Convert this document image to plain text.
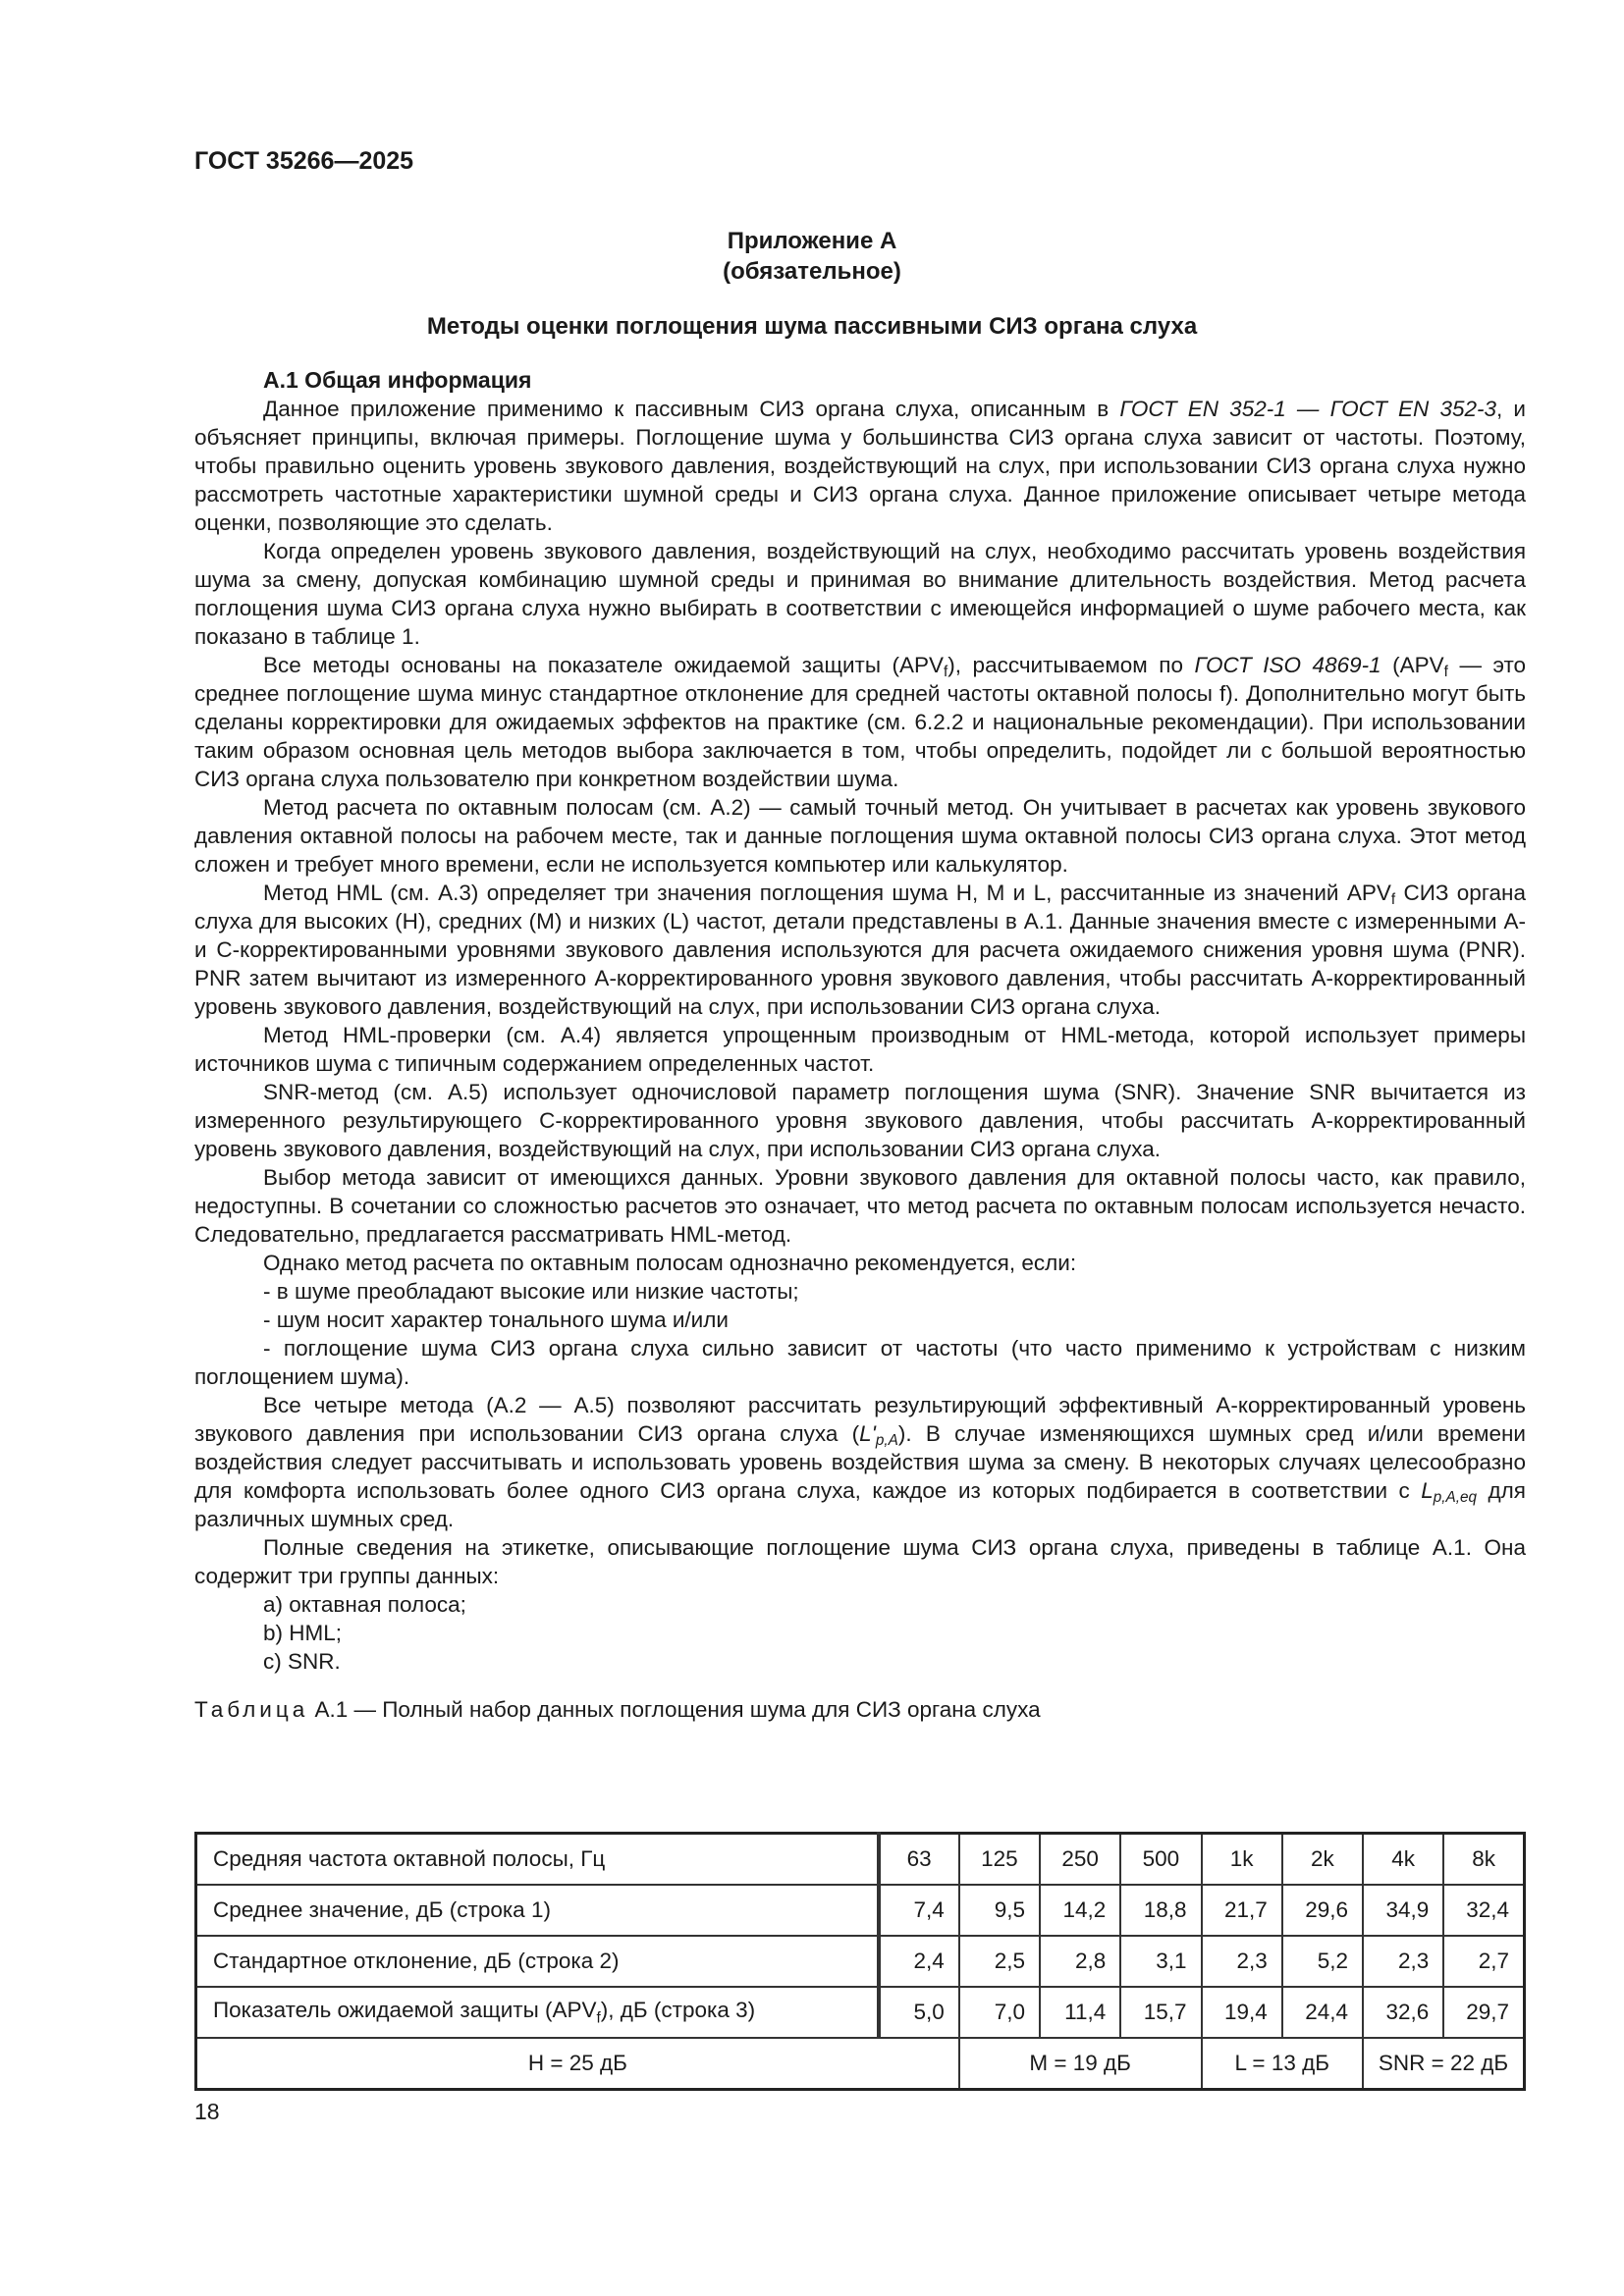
ГОСТ 35266—2025

Приложение А

(обязательное)

Методы оценки поглощения шума пассивными СИЗ органа слуха

А.1 Общая информация

Данное приложение применимо к пассивным СИЗ органа слуха, описанным в ГОСТ EN 352-1 — ГОСТ EN 352-3, и объясняет принципы, включая примеры. Поглощение шума у большинства СИЗ органа слуха зависит от частоты. Поэтому, чтобы правильно оценить уровень звукового давления, воздействующий на слух, при использовании СИЗ органа слуха нужно рассмотреть частотные характеристики шумной среды и СИЗ органа слуха. Данное приложение описывает четыре метода оценки, позволяющие это сделать.

Когда определен уровень звукового давления, воздействующий на слух, необходимо рассчитать уровень воздействия шума за смену, допуская комбинацию шумной среды и принимая во внимание длительность воздействия. Метод расчета поглощения шума СИЗ органа слуха нужно выбирать в соответствии с имеющейся информацией о шуме рабочего места, как показано в таблице 1.

Все методы основаны на показателе ожидаемой защиты $(APV_f)$, рассчитываемом по ГОСТ ISO 4869-1 ($APV_f$ — это среднее поглощение шума минус стандартное отклонение для средней частоты октавной полосы f). Дополнительно могут быть сделаны корректировки для ожидаемых эффектов на практике (см. 6.2.2 и национальные рекомендации). При использовании таким образом основная цель методов выбора заключается в том, чтобы определить, подойдет ли с большой вероятностью СИЗ органа слуха пользователю при конкретном воздействии шума.

Метод расчета по октавным полосам (см. А.2) — самый точный метод. Он учитывает в расчетах как уровень звукового давления октавной полосы на рабочем месте, так и данные поглощения шума октавной полосы СИЗ органа слуха. Этот метод сложен и требует много времени, если не используется компьютер или калькулятор.

Метод HML (см. А.3) определяет три значения поглощения шума H, M и L, рассчитанные из значений $APV_f$ СИЗ органа слуха для высоких (H), средних (M) и низких (L) частот, детали представлены в А.1. Данные значения вместе с измеренными А- и С-корректированными уровнями звукового давления используются для расчета ожидаемого снижения уровня шума (PNR). PNR затем вычитают из измеренного А-корректированного уровня звукового давления, чтобы рассчитать А-корректированный уровень звукового давления, воздействующий на слух, при использовании СИЗ органа слуха.

Метод HML-проверки (см. А.4) является упрощенным производным от HML-метода, которой использует примеры источников шума с типичным содержанием определенных частот.

SNR-метод (см. А.5) использует одночисловой параметр поглощения шума (SNR). Значение SNR вычитается из измеренного результирующего С-корректированного уровня звукового давления, чтобы рассчитать А-корректированный уровень звукового давления, воздействующий на слух, при использовании СИЗ органа слуха.

Выбор метода зависит от имеющихся данных. Уровни звукового давления для октавной полосы часто, как правило, недоступны. В сочетании со сложностью расчетов это означает, что метод расчета по октавным полосам используется нечасто. Следовательно, предлагается рассматривать HML-метод.

Однако метод расчета по октавным полосам однозначно рекомендуется, если:

- в шуме преобладают высокие или низкие частоты;

- шум носит характер тонального шума и/или

- поглощение шума СИЗ органа слуха сильно зависит от частоты (что часто применимо к устройствам с низким поглощением шума).

Все четыре метода (А.2 — А.5) позволяют рассчитать результирующий эффективный А-корректированный уровень звукового давления при использовании СИЗ органа слуха $(L'_{p,A})$. В случае изменяющихся шумных сред и/или времени воздействия следует рассчитывать и использовать уровень воздействия шума за смену. В некоторых случаях целесообразно для комфорта использовать более одного СИЗ органа слуха, каждое из которых подбирается в соответствии с $L_{p,A,eq}$ для различных шумных сред.

Полные сведения на этикетке, описывающие поглощение шума СИЗ органа слуха, приведены в таблице А.1. Она содержит три группы данных:

a) октавная полоса;

b) HML;

c) SNR.

Таблица А.1 — Полный набор данных поглощения шума для СИЗ органа слуха

Средняя частота октавной полосы, Гц	63	125	250	500	1k	2k	4k	8k
Среднее значение, дБ (строка 1)	7,4	9,5	14,2	18,8	21,7	29,6	34,9	32,4
Стандартное отклонение, дБ (строка 2)	2,4	2,5	2,8	3,1	2,3	5,2	2,3	2,7
Показатель ожидаемой защиты $(APV_f)$, дБ (строка 3)	5,0	7,0	11,4	15,7	19,4	24,4	32,6	29,7
H = 25 дБ		M = 19 дБ			L = 13 дБ		SNR = 22 дБ	

18
